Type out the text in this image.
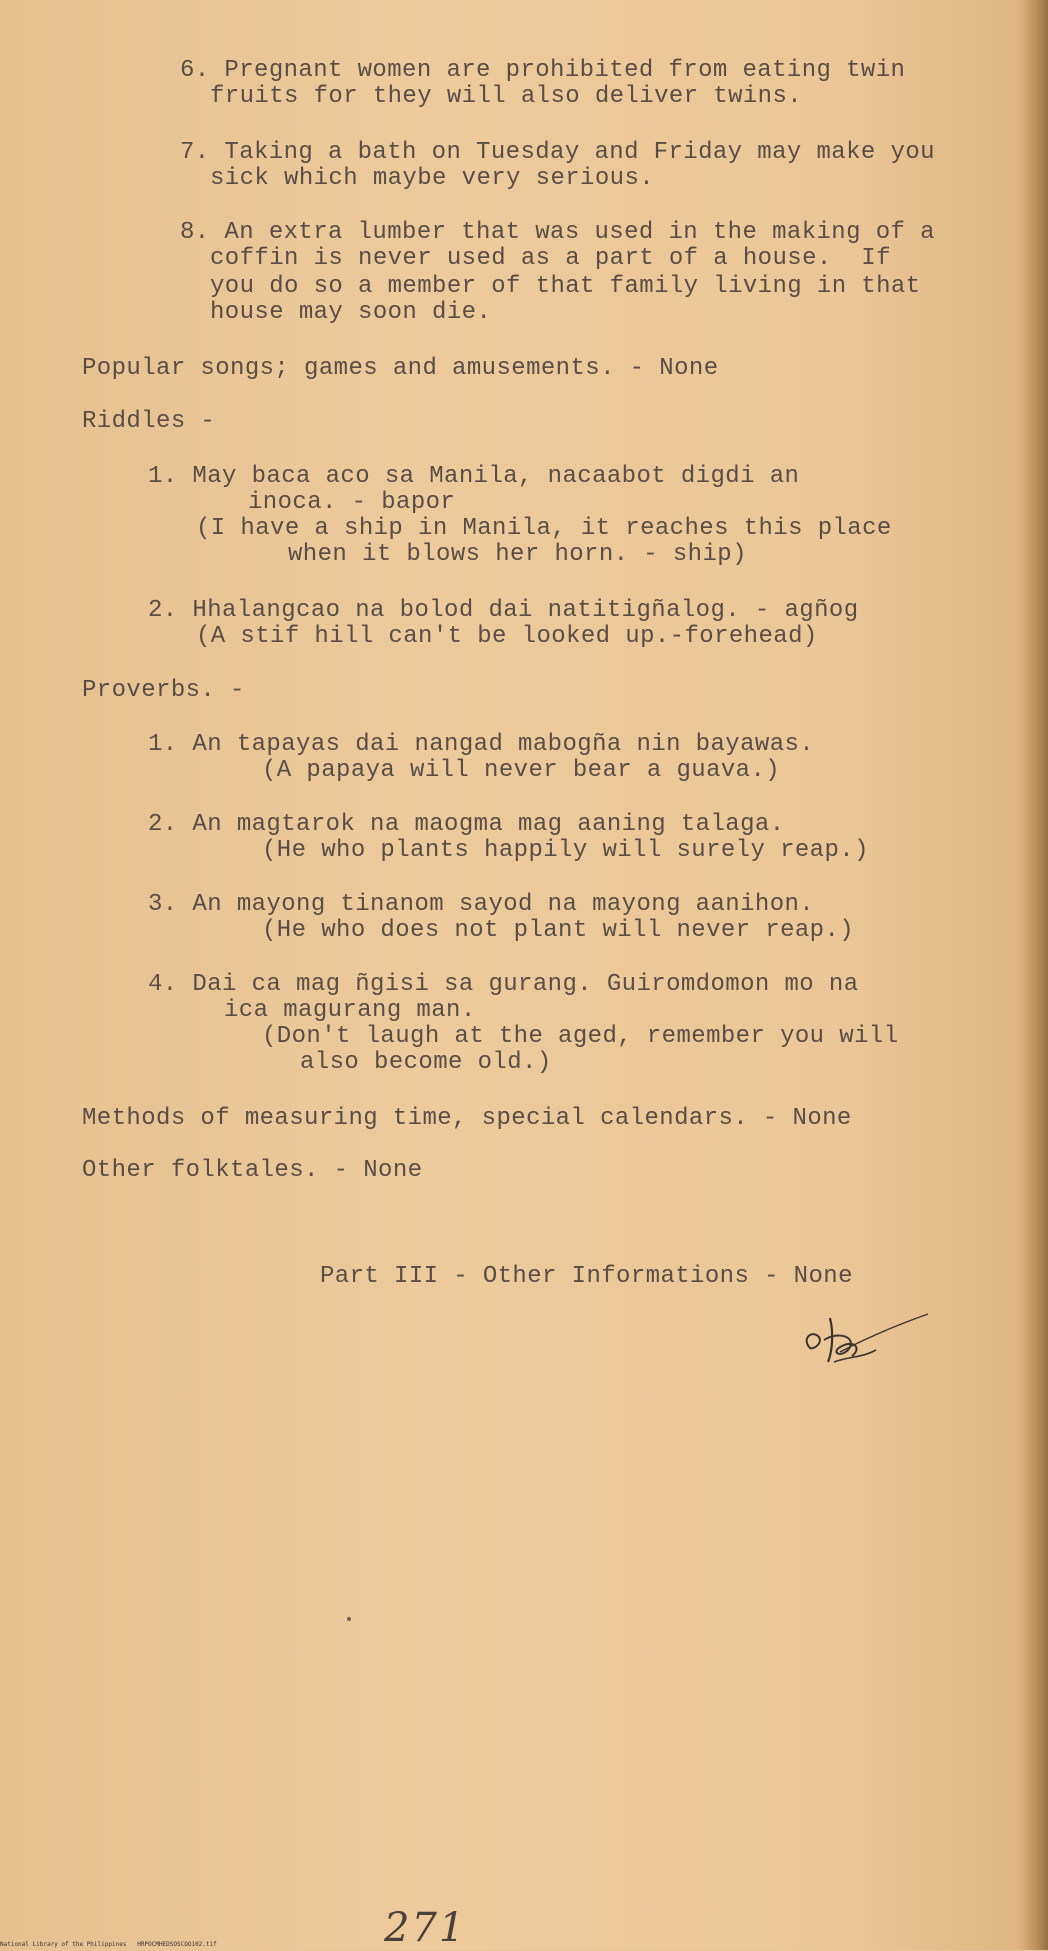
6. Pregnant women are prohibited from eating twin
fruits for they will also deliver twins.
7. Taking a bath on Tuesday and Friday may make you
sick which maybe very serious.
8. An extra lumber that was used in the making of a
coffin is never used as a part of a house.  If
you do so a member of that family living in that
house may soon die.
Popular songs; games and amusements. - None
Riddles -
1. May baca aco sa Manila, nacaabot digdi an
inoca. - bapor
(I have a ship in Manila, it reaches this place
when it blows her horn. - ship)
2. Hhalangcao na bolod dai natitigñalog. - agñog
(A stif hill can't be looked up.-forehead)
Proverbs. -
1. An tapayas dai nangad mabogña nin bayawas.
(A papaya will never bear a guava.)
2. An magtarok na maogma mag aaning talaga.
(He who plants happily will surely reap.)
3. An mayong tinanom sayod na mayong aanihon.
(He who does not plant will never reap.)
4. Dai ca mag ñgisi sa gurang. Guiromdomon mo na
ica magurang man.
(Don't laugh at the aged, remember you will
also become old.)
Methods of measuring time, special calendars. - None
Other folktales. - None
Part III - Other Informations - None
271
National Library of the Philippines   HRPOCMHEDSOSCOO102.tif
